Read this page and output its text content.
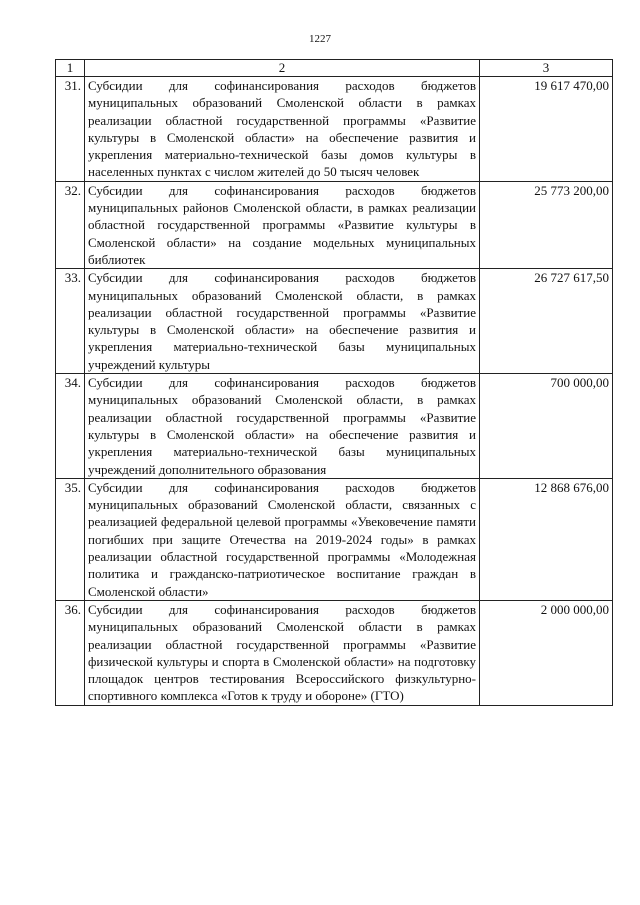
1227
1	2	3
31.	Субсидии для софинансирования расходов бюджетов муниципальных образований Смоленской области в рамках реализации областной государственной программы «Развитие культуры в Смоленской области» на обеспечение развития и укрепления материально-технической базы домов культуры в населенных пунктах с числом жителей до 50 тысяч человек	19 617 470,00
32.	Субсидии для софинансирования расходов бюджетов муниципальных районов Смоленской области, в рамках реализации областной государственной программы «Развитие культуры в Смоленской области» на создание модельных муниципальных библиотек	25 773 200,00
33.	Субсидии для софинансирования расходов бюджетов муниципальных образований Смоленской области, в рамках реализации областной государственной программы «Развитие культуры в Смоленской области» на обеспечение развития и укрепления материально-технической базы муниципальных учреждений культуры	26 727 617,50
34.	Субсидии для софинансирования расходов бюджетов муниципальных образований Смоленской области, в рамках реализации областной государственной программы «Развитие культуры в Смоленской области» на обеспечение развития и укрепления материально-технической базы муниципальных учреждений дополнительного образования	700 000,00
35.	Субсидии для софинансирования расходов бюджетов муниципальных образований Смоленской области, связанных с реализацией федеральной целевой программы «Увековечение памяти погибших при защите Отечества на 2019-2024 годы» в рамках реализации областной государственной программы «Молодежная политика и гражданско-патриотическое воспитание граждан в Смоленской области»	12 868 676,00
36.	Субсидии для софинансирования расходов бюджетов муниципальных образований Смоленской области в рамках реализации областной государственной программы «Развитие физической культуры и спорта в Смоленской области» на подготовку площадок центров тестирования Всероссийского физкультурно-спортивного комплекса «Готов к труду и обороне» (ГТО)	2 000 000,00
